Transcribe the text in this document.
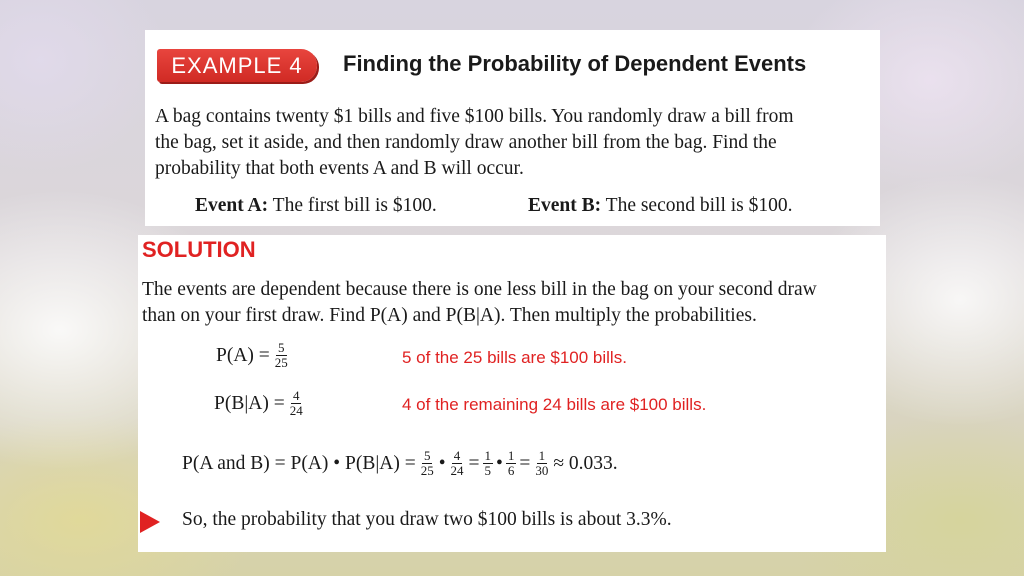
EXAMPLE 4	Finding the Probability of Dependent Events

A bag contains twenty $1 bills and five $100 bills. You randomly draw a bill from

the bag, set it aside, and then randomly draw another bill from the bag. Find the

probability that both events A and B will occur.

Event A: The first bill is $100.	Event B: The second bill is $100.
SOLUTION

The events are dependent because there is one less bill in the bag on your second draw

than on your first draw. Find P(A) and P(B|A). Then multiply the probabilities.

$P(A) = \frac{5}{25}$	5 of the 25 bills are $100 bills.
$P(B|A) = \frac{4}{24}$	4 of the remaining 24 bills are $100 bills.
P(A and B) = P(A) • $P(B|A) = \frac{5}{25}$ • $\frac{4}{24} = \frac{1}{5}$ • $\frac{1}{6} = \frac{1}{30} \approx 0.033$.
So, the probability that you draw two $100 bills is about 3.3%.
